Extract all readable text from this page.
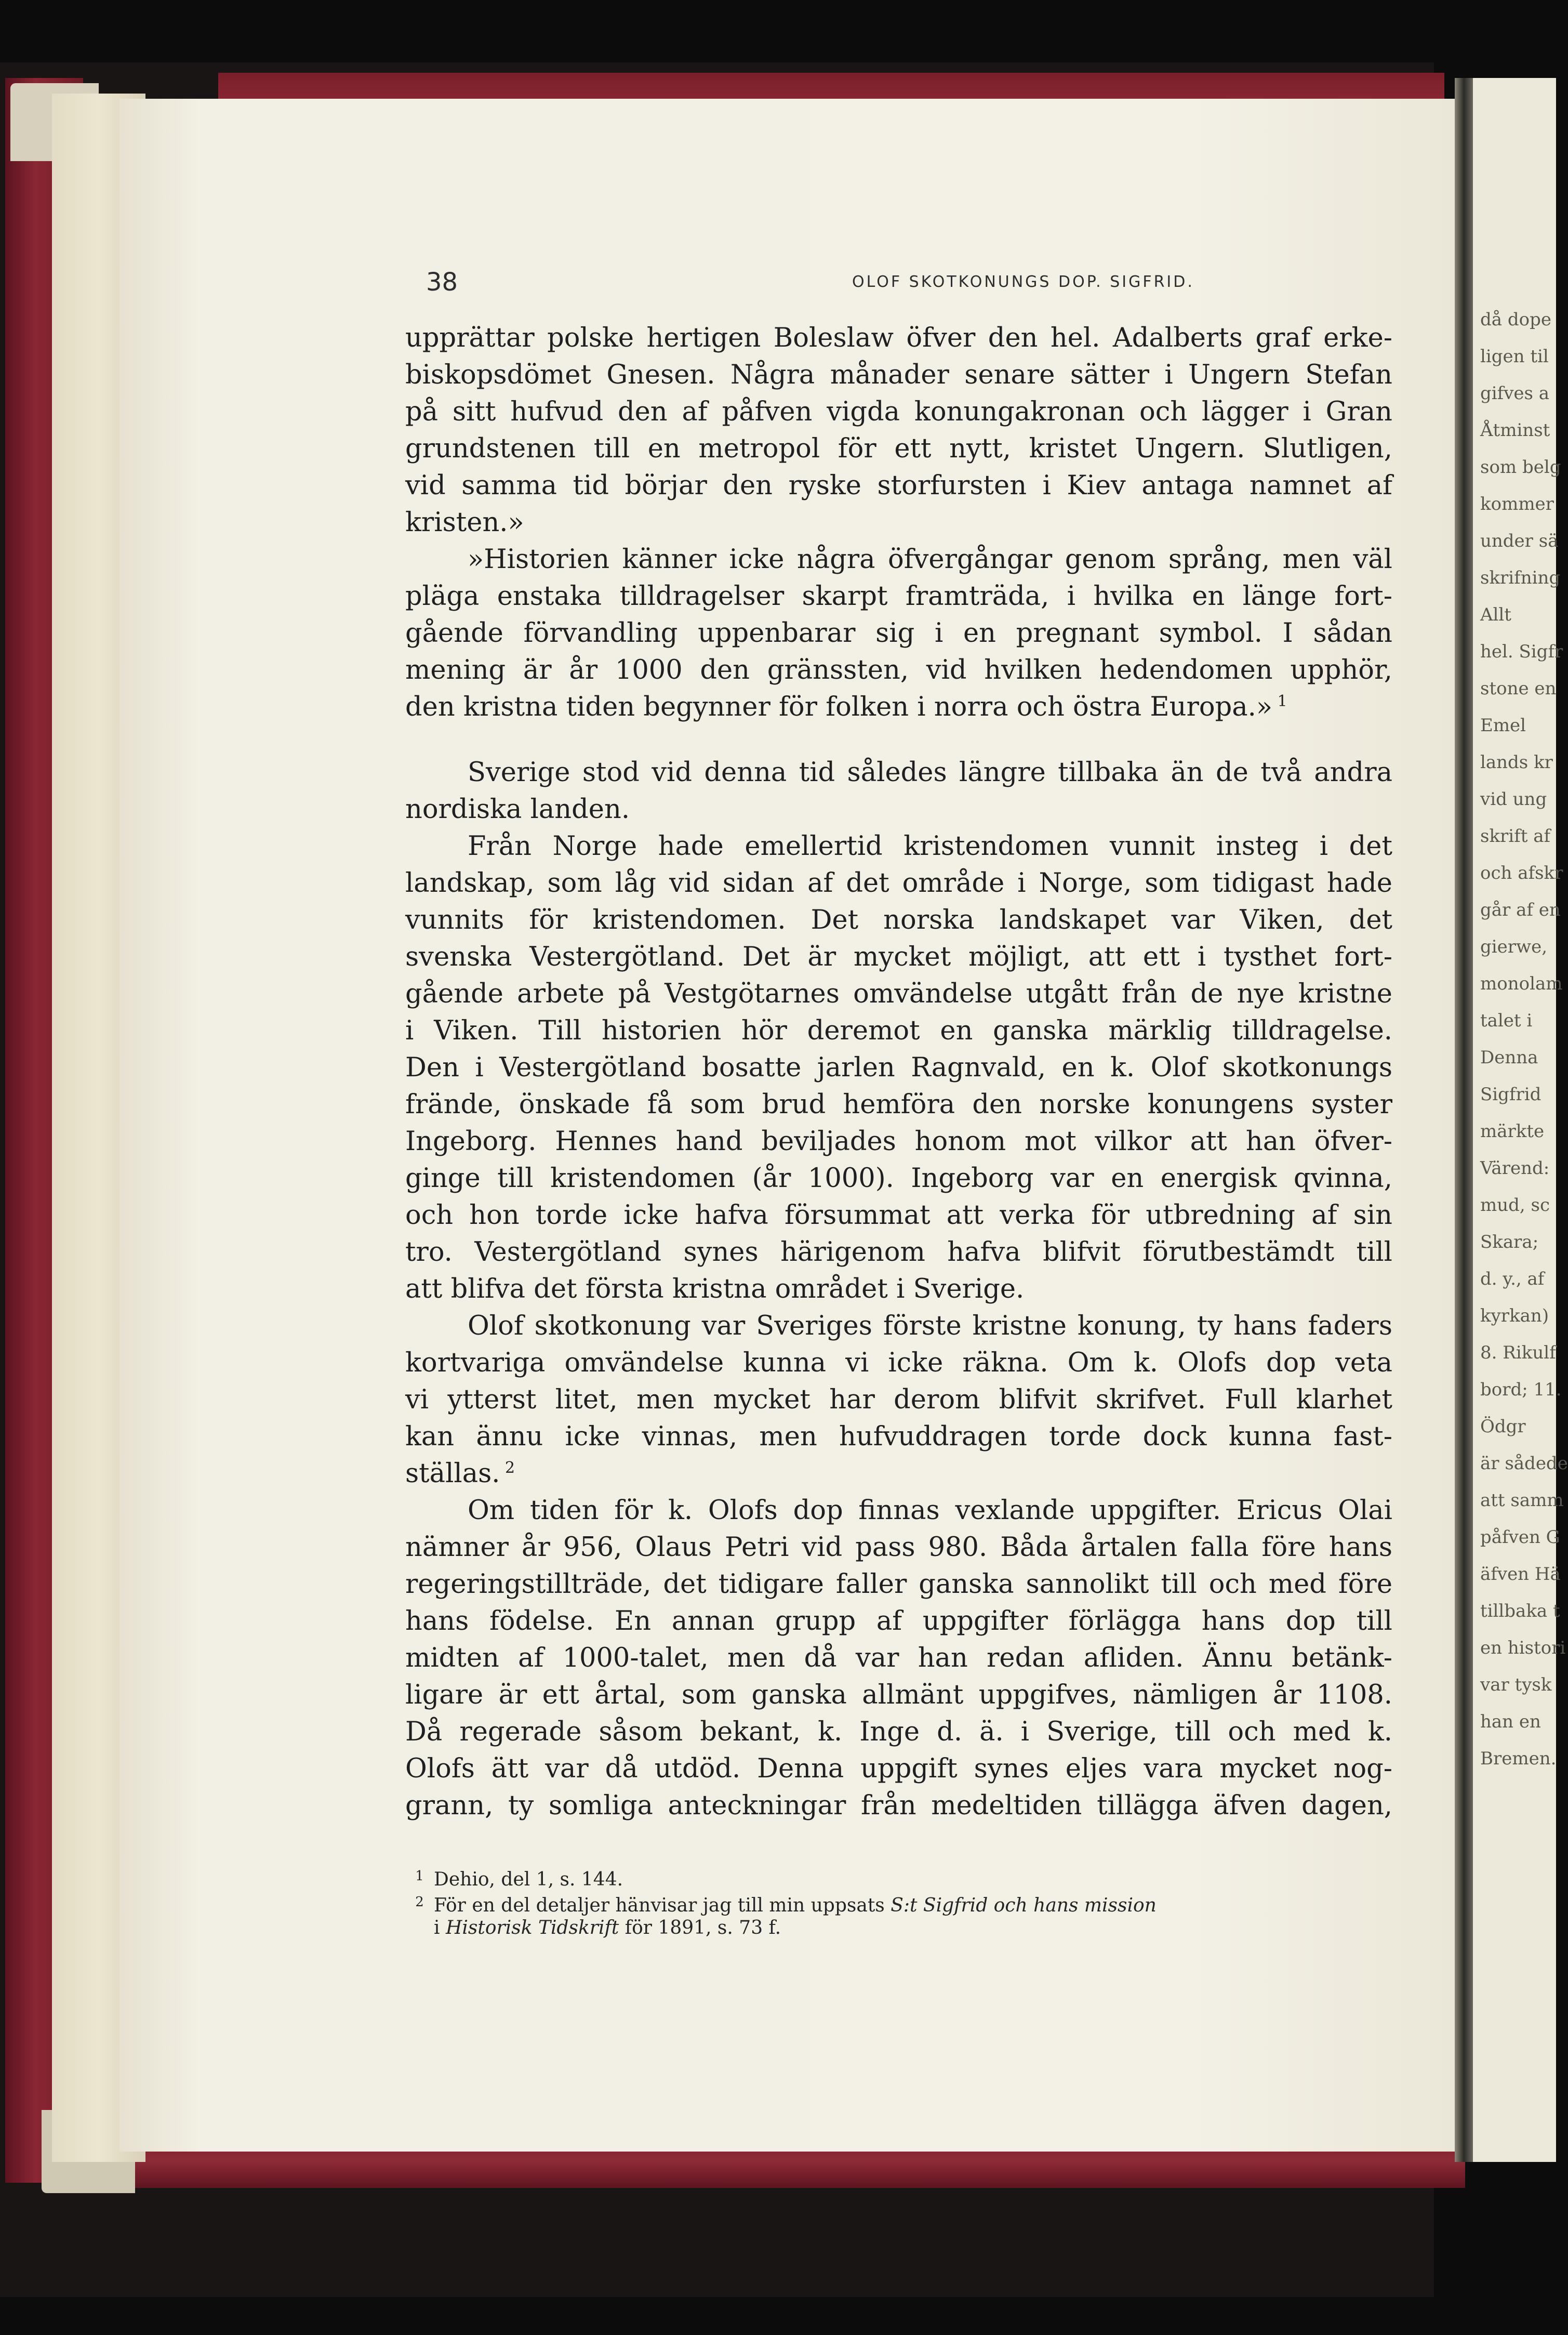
38	OLOF SKOTKONUNGS DOP. SIGFRID.
upprättar polske hertigen Boleslaw öfver den hel. Adalberts graf erke-
biskopsdömet Gnesen. Några månader senare sätter i Ungern Stefan
på sitt hufvud den af påfven vigda konungakronan och lägger i Gran
grundstenen till en metropol för ett nytt, kristet Ungern. Slutligen,
vid samma tid börjar den ryske storfursten i Kiev antaga namnet af
kristen.»
»Historien känner icke några öfvergångar genom språng, men väl
pläga enstaka tilldragelser skarpt framträda, i hvilka en länge fort-
gående förvandling uppenbarar sig i en pregnant symbol. I sådan
mening är år 1000 den gränssten, vid hvilken hedendomen upphör,
den kristna tiden begynner för folken i norra och östra Europa.» $^1$
Sverige stod vid denna tid således längre tillbaka än de två andra
nordiska landen.
Från Norge hade emellertid kristendomen vunnit insteg i det
landskap, som låg vid sidan af det område i Norge, som tidigast hade
vunnits för kristendomen. Det norska landskapet var Viken, det
svenska Vestergötland. Det är mycket möjligt, att ett i tysthet fort-
gående arbete på Vestgötarnes omvändelse utgått från de nye kristne
i Viken. Till historien hör deremot en ganska märklig tilldragelse.
Den i Vestergötland bosatte jarlen Ragnvald, en k. Olof skotkonungs
frände, önskade få som brud hemföra den norske konungens syster
Ingeborg. Hennes hand beviljades honom mot vilkor att han öfver-
ginge till kristendomen (år 1000). Ingeborg var en energisk qvinna,
och hon torde icke hafva försummat att verka för utbredning af sin
tro. Vestergötland synes härigenom hafva blifvit förutbestämdt till
att blifva det första kristna området i Sverige.
Olof skotkonung var Sveriges förste kristne konung, ty hans faders
kortvariga omvändelse kunna vi icke räkna. Om k. Olofs dop veta
vi ytterst litet, men mycket har derom blifvit skrifvet. Full klarhet
kan ännu icke vinnas, men hufvuddragen torde dock kunna fast-
ställas. $^2$
Om tiden för k. Olofs dop finnas vexlande uppgifter. Ericus Olai
nämner år 956, Olaus Petri vid pass 980. Båda årtalen falla före hans
regeringstillträde, det tidigare faller ganska sannolikt till och med före
hans födelse. En annan grupp af uppgifter förlägga hans dop till
midten af 1000-talet, men då var han redan afliden. Ännu betänk-
ligare är ett årtal, som ganska allmänt uppgifves, nämligen år 1108.
Då regerade såsom bekant, k. Inge d. ä. i Sverige, till och med k.
Olofs ätt var då utdöd. Denna uppgift synes eljes vara mycket nog-
grann, ty somliga anteckningar från medeltiden tillägga äfven dagen,
1 Dehio, del 1, s. 144.
2 För en del detaljer hänvisar jag till min uppsats S:t Sigfrid och hans mission
i Historisk Tidskrift för 1891, s. 73 f.
då dope
ligen til
gifves a
Åtminst
som belg
kommer
under sä
skrifning
Allt
hel. Sigfr
stone en
Emel
lands kr
vid ung
skrift af
och afskr
går af en
gierwe,
monolam
talet i
Denna
Sigfrid
märkte
Värend:
mud, sc
Skara;
d. y., af
kyrkan)
8. Rikulf
bord; 11.
Ödgr
är sådede
att samm
påfven G
äfven Hä
tillbaka t
en histori
var tysk
han en
Bremen.
